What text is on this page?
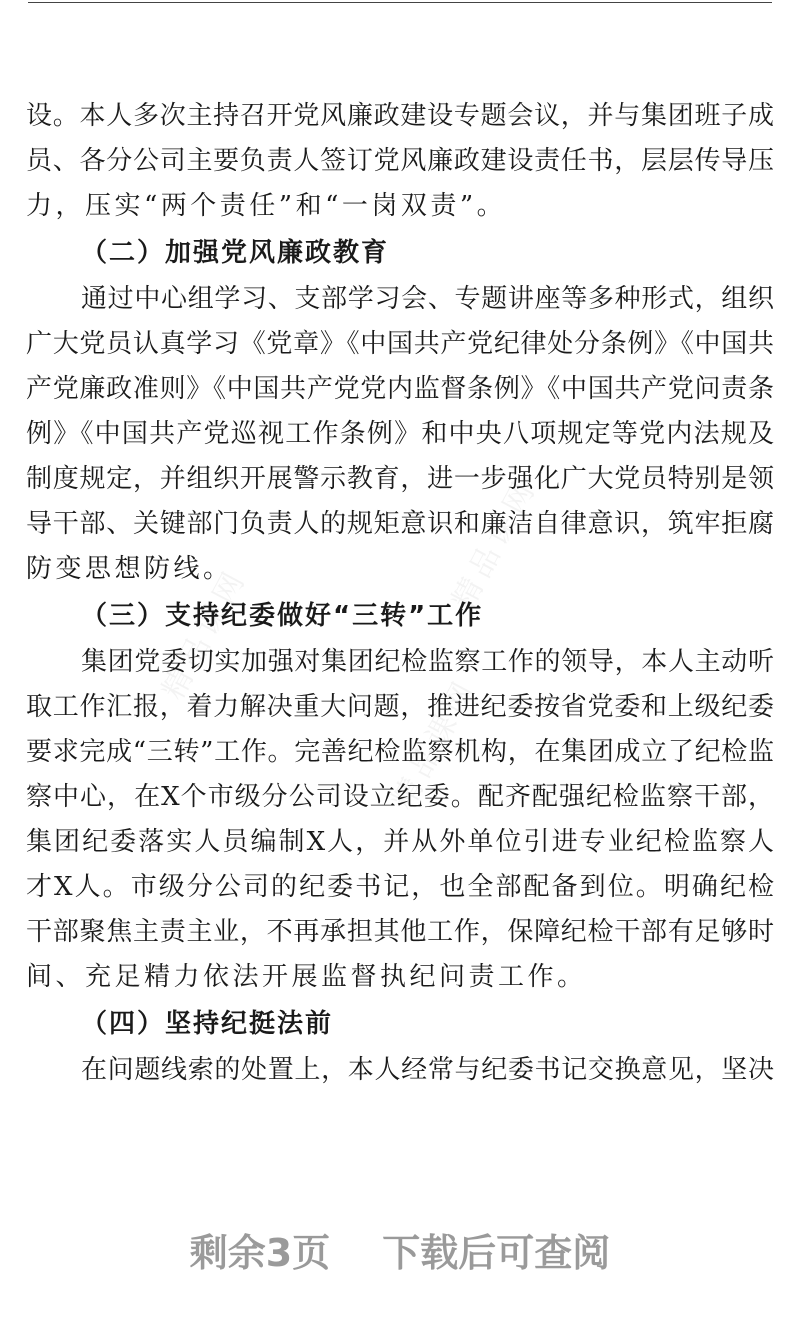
精品课网
精品课网
精品课网
设。本人多次主持召开党风廉政建设专题会议，并与集团班子成
员、各分公司主要负责人签订党风廉政建设责任书，层层传导压
力，压实“两个责任”和“一岗双责”。
（二）加强党风廉政教育
通过中心组学习、支部学习会、专题讲座等多种形式，组织
广大党员认真学习《党章》《中国共产党纪律处分条例》《中国共
产党廉政准则》《中国共产党党内监督条例》《中国共产党问责条
例》《中国共产党巡视工作条例》和中央八项规定等党内法规及
制度规定，并组织开展警示教育，进一步强化广大党员特别是领
导干部、关键部门负责人的规矩意识和廉洁自律意识，筑牢拒腐
防变思想防线。
（三）支持纪委做好“三转”工作
集团党委切实加强对集团纪检监察工作的领导，本人主动听
取工作汇报，着力解决重大问题，推进纪委按省党委和上级纪委
要求完成“三转”工作。完善纪检监察机构，在集团成立了纪检监
察中心，在X个市级分公司设立纪委。配齐配强纪检监察干部，
集团纪委落实人员编制X人，并从外单位引进专业纪检监察人
才X人。市级分公司的纪委书记，也全部配备到位。明确纪检
干部聚焦主责主业，不再承担其他工作，保障纪检干部有足够时
间、充足精力依法开展监督执纪问责工作。
（四）坚持纪挺法前
在问题线索的处置上，本人经常与纪委书记交换意见，坚决
剩余3页 下载后可查阅
